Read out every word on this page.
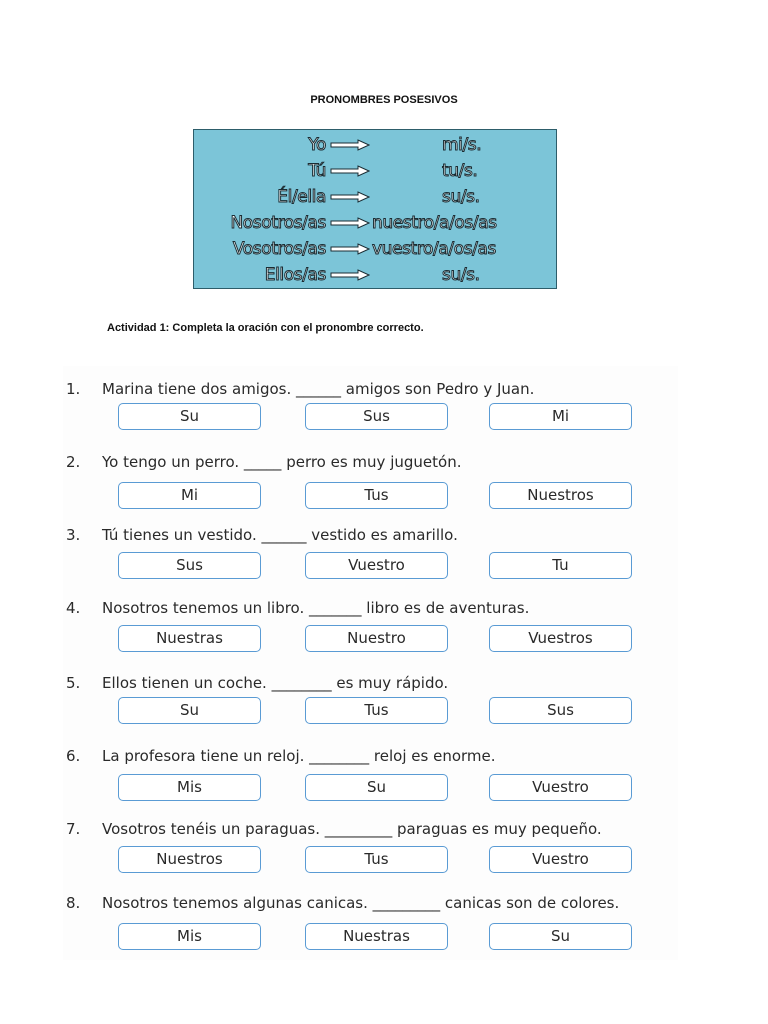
PRONOMBRES POSESIVOS
Yo	mi/s.
Tú	tu/s.
Él/ella	su/s.
Nosotros/as	nuestro/a/os/as
Vosotros/as	vuestro/a/os/as
Ellos/as	su/s.
Actividad 1: Completa la oración con el pronombre correcto.
1.	Marina tiene dos amigos. ______ amigos son Pedro y Juan.
Su	Sus	Mi
2.	Yo tengo un perro. _____ perro es muy juguetón.
Mi	Tus	Nuestros
3.	Tú tienes un vestido. ______ vestido es amarillo.
Sus	Vuestro	Tu
4.	Nosotros tenemos un libro. _______ libro es de aventuras.
Nuestras	Nuestro	Vuestros
5.	Ellos tienen un coche. ________ es muy rápido.
Su	Tus	Sus
6.	La profesora tiene un reloj. ________ reloj es enorme.
Mis	Su	Vuestro
7.	Vosotros tenéis un paraguas. _________ paraguas es muy pequeño.
Nuestros	Tus	Vuestro
8.	Nosotros tenemos algunas canicas. _________ canicas son de colores.
Mis	Nuestras	Su
